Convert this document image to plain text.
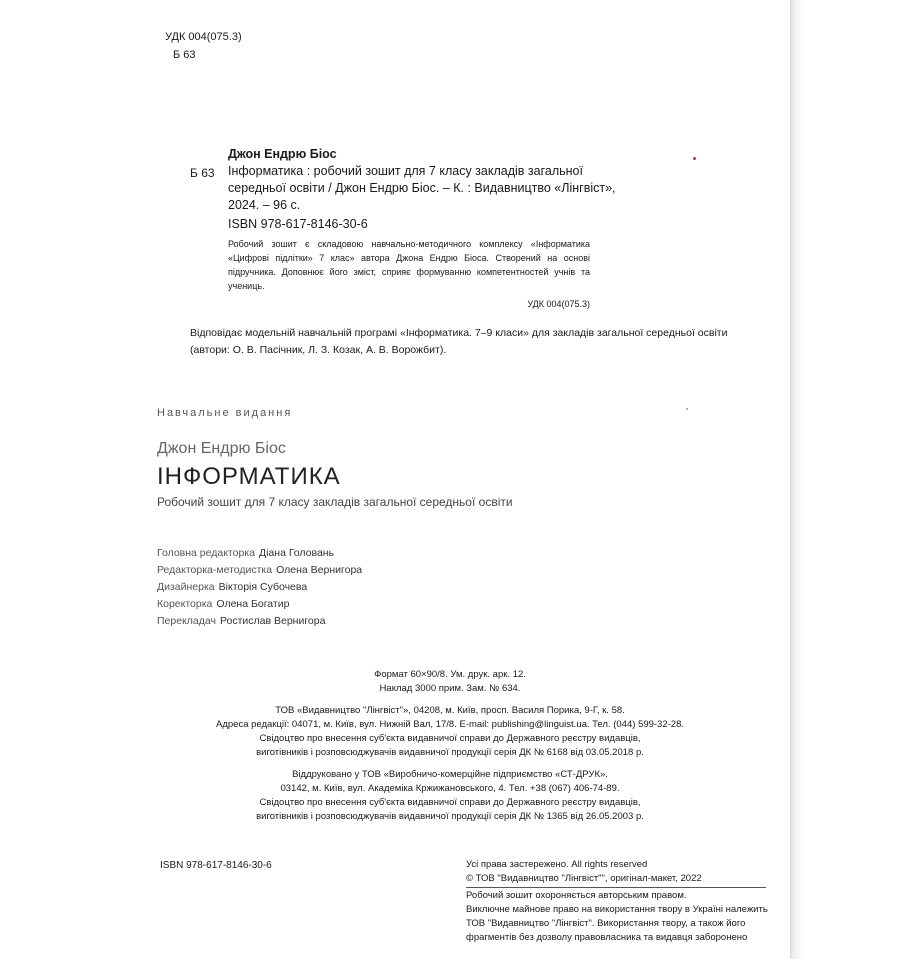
УДК 004(075.3)
Б 63
Б 63
Джон Ендрю Біос
Інформатика : робочий зошит для 7 класу закладів загальної
середньої освіти / Джон Ендрю Біос. – К. : Видавництво «Лінгвіст»,
2024. – 96 с.
ISBN 978-617-8146-30-6
Робочий зошит є складовою навчально-методичного комплексу «Інформатика «Цифрові підлітки» 7 клас» автора Джона Ендрю Біоса. Створений на основі підручника. Доповнює його зміст, сприяє формуванню компетентностей учнів та учениць.
УДК 004(075.3)
Відповідає модельній навчальній програмі «Інформатика. 7–9 класи» для закладів загальної середньої освіти
(автори: О. В. Пасічник, Л. З. Козак, А. В. Ворожбит).
Навчальне видання
Джон Ендрю Біос
ІНФОРМАТИКА
Робочий зошит для 7 класу закладів загальної середньої освіти
Головна редакторка Діана Головань
Редакторка-методистка Олена Вернигора
Дизайнерка Вікторія Субочева
Коректорка Олена Богатир
Перекладач Ростислав Вернигора
Формат 60×90/8. Ум. друк. арк. 12.
Наклад 3000 прим. Зам. № 634.
ТОВ «Видавництво "Лінгвіст"», 04208, м. Київ, просп. Василя Порика, 9-Г, к. 58.
Адреса редакції: 04071, м. Київ, вул. Нижній Вал, 17/8. E-mail: publishing@linguist.ua. Тел. (044) 599-32-28.
Свідоцтво про внесення суб'єкта видавничої справи до Державного реєстру видавців,
виготівників і розповсюджувачів видавничої продукції серія ДК № 6168 від 03.05.2018 р.
Віддруковано у ТОВ «Виробничо-комерційне підприємство «СТ-ДРУК».
03142, м. Київ, вул. Академіка Кржижановського, 4. Тел. +38 (067) 406-74-89.
Свідоцтво про внесення суб'єкта видавничої справи до Державного реєстру видавців,
виготівників і розповсюджувачів видавничої продукції серія ДК № 1365 від 26.05.2003 р.
ISBN 978-617-8146-30-6	Усі права застережено. All rights reserved
© ТОВ "Видавництво "Лінгвіст"", оригінал-макет, 2022
Робочий зошит охороняється авторським правом.
Виключне майнове право на використання твору в Україні належить
ТОВ "Видавництво "Лінгвіст". Використання твору, а також його
фрагментів без дозволу правовласника та видавця заборонено
